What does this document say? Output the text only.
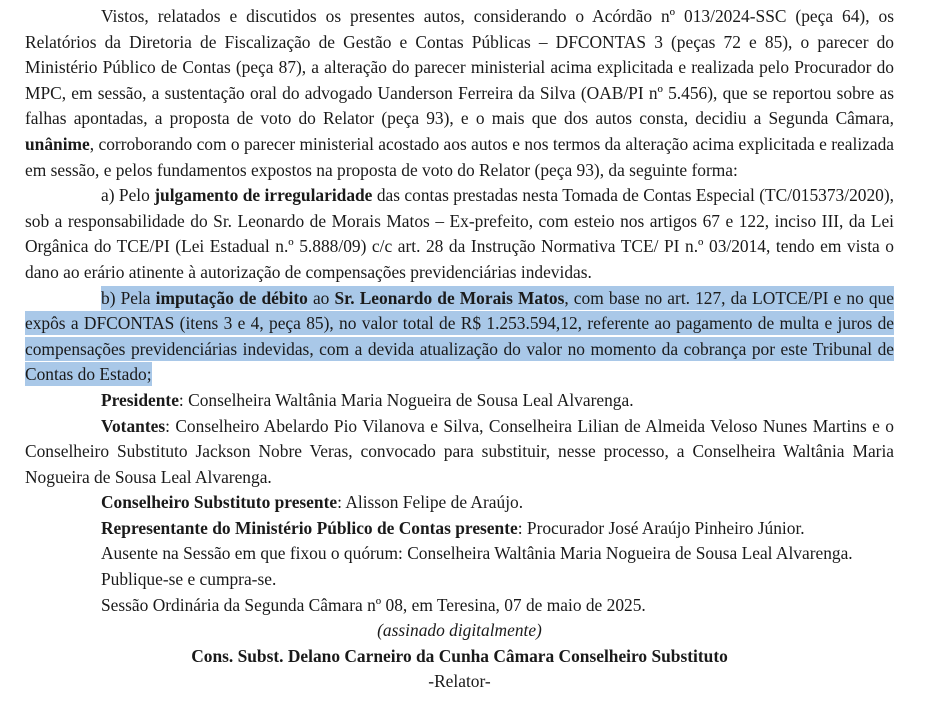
Vistos, relatados e discutidos os presentes autos, considerando o Acórdão nº 013/2024-SSC (peça 64), os Relatórios da Diretoria de Fiscalização de Gestão e Contas Públicas – DFCONTAS 3 (peças 72 e 85), o parecer do Ministério Público de Contas (peça 87), a alteração do parecer ministerial acima explicitada e realizada pelo Procurador do MPC, em sessão, a sustentação oral do advogado Uanderson Ferreira da Silva (OAB/PI nº 5.456), que se reportou sobre as falhas apontadas, a proposta de voto do Relator (peça 93), e o mais que dos autos consta, decidiu a Segunda Câmara, unânime, corroborando com o parecer ministerial acostado aos autos e nos termos da alteração acima explicitada e realizada em sessão, e pelos fundamentos expostos na proposta de voto do Relator (peça 93), da seguinte forma:

a) Pelo julgamento de irregularidade das contas prestadas nesta Tomada de Contas Especial (TC/015373/2020), sob a responsabilidade do Sr. Leonardo de Morais Matos – Ex-prefeito, com esteio nos artigos 67 e 122, inciso III, da Lei Orgânica do TCE/PI (Lei Estadual n.º 5.888/09) c/c art. 28 da Instrução Normativa TCE/ PI n.º 03/2014, tendo em vista o dano ao erário atinente à autorização de compensações previdenciárias indevidas.

b) Pela imputação de débito ao Sr. Leonardo de Morais Matos, com base no art. 127, da LOTCE/PI e no que expôs a DFCONTAS (itens 3 e 4, peça 85), no valor total de R$ 1.253.594,12, referente ao pagamento de multa e juros de compensações previdenciárias indevidas, com a devida atualização do valor no momento da cobrança por este Tribunal de Contas do Estado;

Presidente: Conselheira Waltânia Maria Nogueira de Sousa Leal Alvarenga.

Votantes: Conselheiro Abelardo Pio Vilanova e Silva, Conselheira Lilian de Almeida Veloso Nunes Martins e o Conselheiro Substituto Jackson Nobre Veras, convocado para substituir, nesse processo, a Conselheira Waltânia Maria Nogueira de Sousa Leal Alvarenga.

Conselheiro Substituto presente: Alisson Felipe de Araújo.

Representante do Ministério Público de Contas presente: Procurador José Araújo Pinheiro Júnior.

Ausente na Sessão em que fixou o quórum: Conselheira Waltânia Maria Nogueira de Sousa Leal Alvarenga.

Publique-se e cumpra-se.

Sessão Ordinária da Segunda Câmara nº 08, em Teresina, 07 de maio de 2025.

(assinado digitalmente)

Cons. Subst. Delano Carneiro da Cunha Câmara Conselheiro Substituto

-Relator-
